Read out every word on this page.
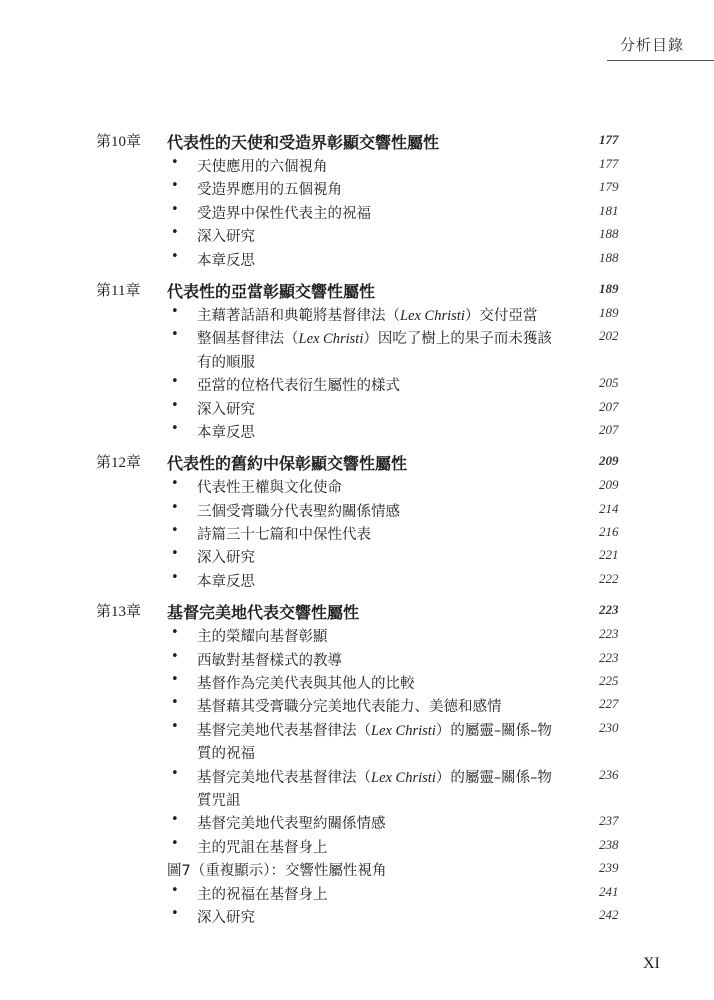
分析目錄
第10章 代表性的天使和受造界彰顯交響性屬性	177
• 天使應用的六個視角	177
• 受造界應用的五個視角	179
• 受造界中保性代表主的祝福	181
• 深入研究	188
• 本章反思	188
第11章 代表性的亞當彰顯交響性屬性	189
• 主藉著話語和典範將基督律法（Lex Christi）交付亞當	189
• 整個基督律法（Lex Christi）因吃了樹上的果子而未獲該	202
有的順服
• 亞當的位格代表衍生屬性的樣式	205
• 深入研究	207
• 本章反思	207
第12章 代表性的舊約中保彰顯交響性屬性	209
• 代表性王權與文化使命	209
• 三個受膏職分代表聖約關係情感	214
• 詩篇三十七篇和中保性代表	216
• 深入研究	221
• 本章反思	222
第13章 基督完美地代表交響性屬性	223
• 主的榮耀向基督彰顯	223
• 西敏對基督樣式的教導	223
• 基督作為完美代表與其他人的比較	225
• 基督藉其受膏職分完美地代表能力、美德和感情	227
• 基督完美地代表基督律法（Lex Christi）的屬靈–關係–物	230
質的祝福
• 基督完美地代表基督律法（Lex Christi）的屬靈–關係–物	236
質咒詛
• 基督完美地代表聖約關係情感	237
• 主的咒詛在基督身上	238
圖7（重複顯示）：交響性屬性視角	239
• 主的祝福在基督身上	241
• 深入研究	242
XI
